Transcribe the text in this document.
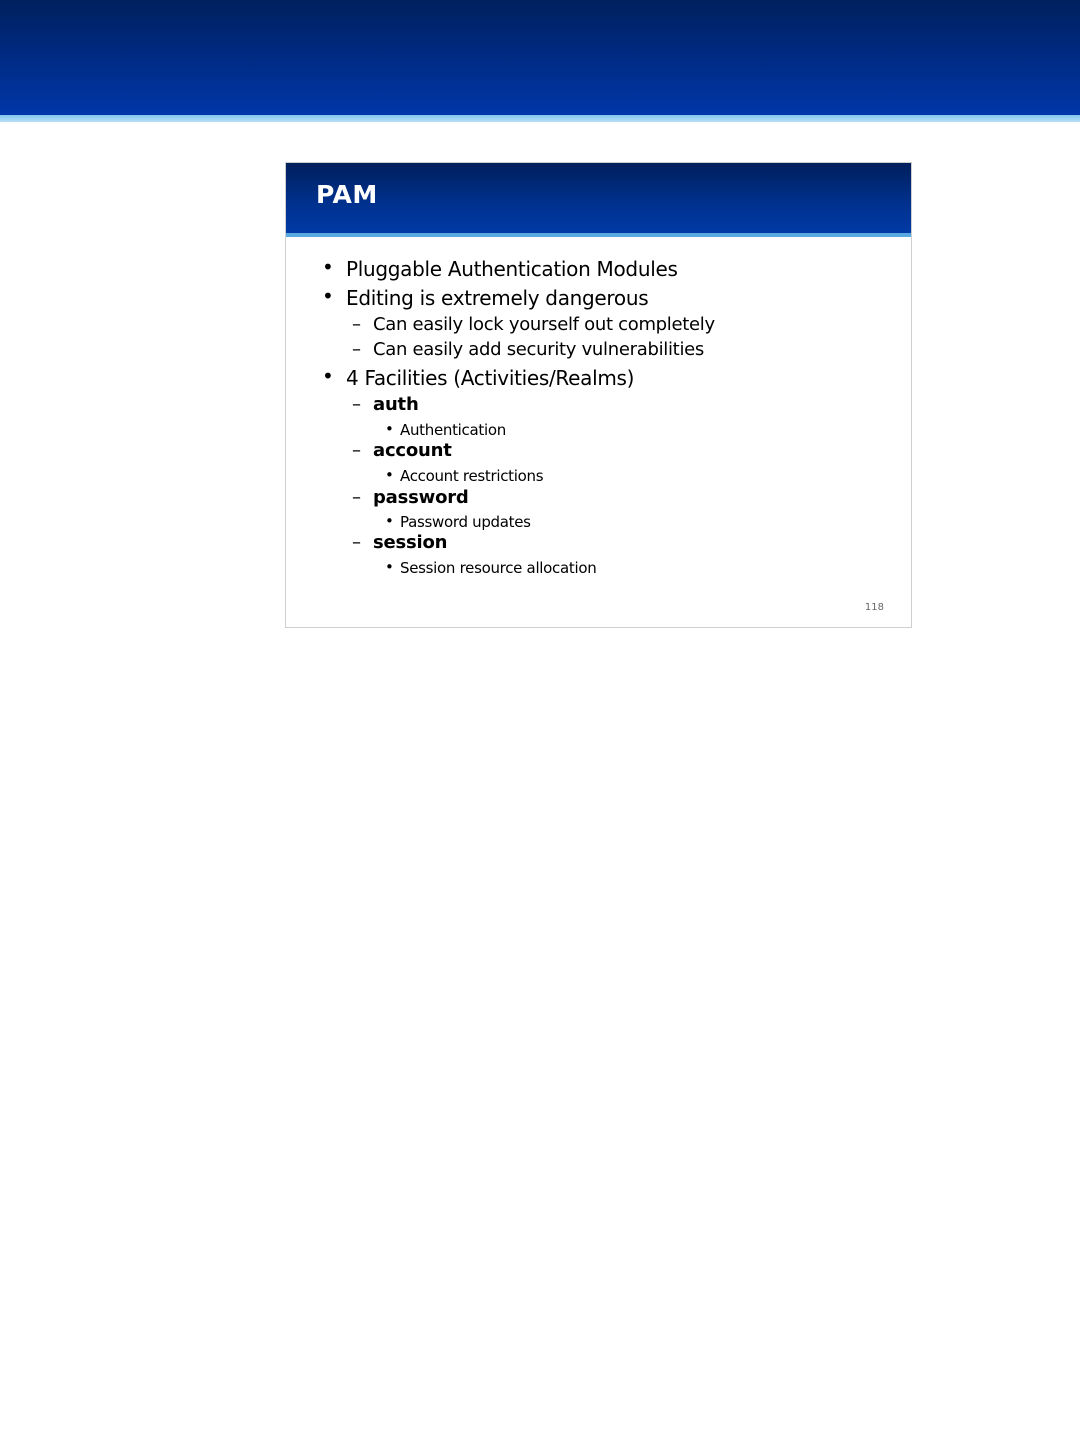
PAM
• Pluggable Authentication Modules
• Editing is extremely dangerous
– Can easily lock yourself out completely
– Can easily add security vulnerabilities
• 4 Facilities (Activities/Realms)
– auth
• Authentication
– account
• Account restrictions
– password
• Password updates
– session
• Session resource allocation
118
